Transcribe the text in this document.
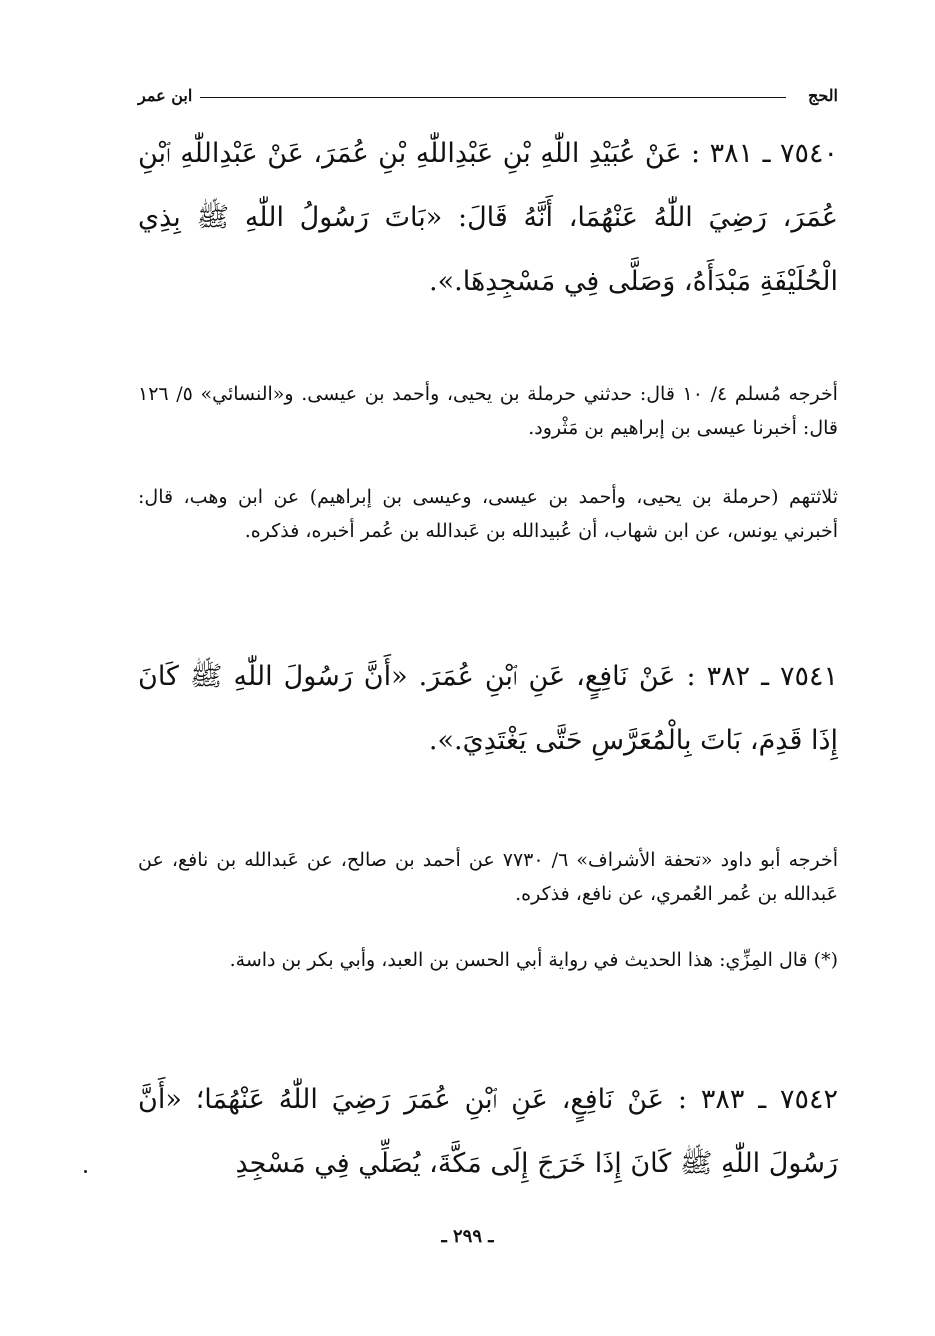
الحج
ابن عمر
٧٥٤٠ ـ ٣٨١ : عَنْ عُبَيْدِ اللّٰهِ بْنِ عَبْدِاللّٰهِ بْنِ عُمَرَ، عَنْ عَبْدِاللّٰهِ ٱبْنِ عُمَرَ، رَضِيَ اللّٰهُ عَنْهُمَا، أَنَّهُ قَالَ: «بَاتَ رَسُولُ اللّٰهِ ﷺ بِذِي الْحُلَيْفَةِ مَبْدَأَهُ، وَصَلَّى فِي مَسْجِدِهَا.».
أخرجه مُسلم ٤/ ١٠ قال: حدثني حرملة بن يحيى، وأحمد بن عيسى. و«النسائي» ٥/ ١٢٦ قال: أخبرنا عيسى بن إبراهيم بن مَثْرود.
ثلاثتهم (حرملة بن يحيى، وأحمد بن عيسى، وعيسى بن إبراهيم) عن ابن وهب، قال: أخبرني يونس، عن ابن شهاب، أن عُبيدالله بن عَبدالله بن عُمر أخبره، فذكره.
٧٥٤١ ـ ٣٨٢ : عَنْ نَافِعٍ، عَنِ ٱبْنِ عُمَرَ. «أَنَّ رَسُولَ اللّٰهِ ﷺ كَانَ إِذَا قَدِمَ، بَاتَ بِالْمُعَرَّسِ حَتَّى يَغْتَدِيَ.».
أخرجه أبو داود «تحفة الأشراف» ٦/ ٧٧٣٠ عن أحمد بن صالح، عن عَبدالله بن نافع، عن عَبدالله بن عُمر العُمري، عن نافع، فذكره.
(*) قال المِزِّي: هذا الحديث في رواية أبي الحسن بن العبد، وأبي بكر بن داسة.
٧٥٤٢ ـ ٣٨٣ : عَنْ نَافِعٍ، عَنِ ٱبْنِ عُمَرَ رَضِيَ اللّٰهُ عَنْهُمَا؛ «أَنَّ رَسُولَ اللّٰهِ ﷺ كَانَ إِذَا خَرَجَ إِلَى مَكَّةَ، يُصَلِّي فِي مَسْجِدِ
ـ ٢٩٩ ـ
